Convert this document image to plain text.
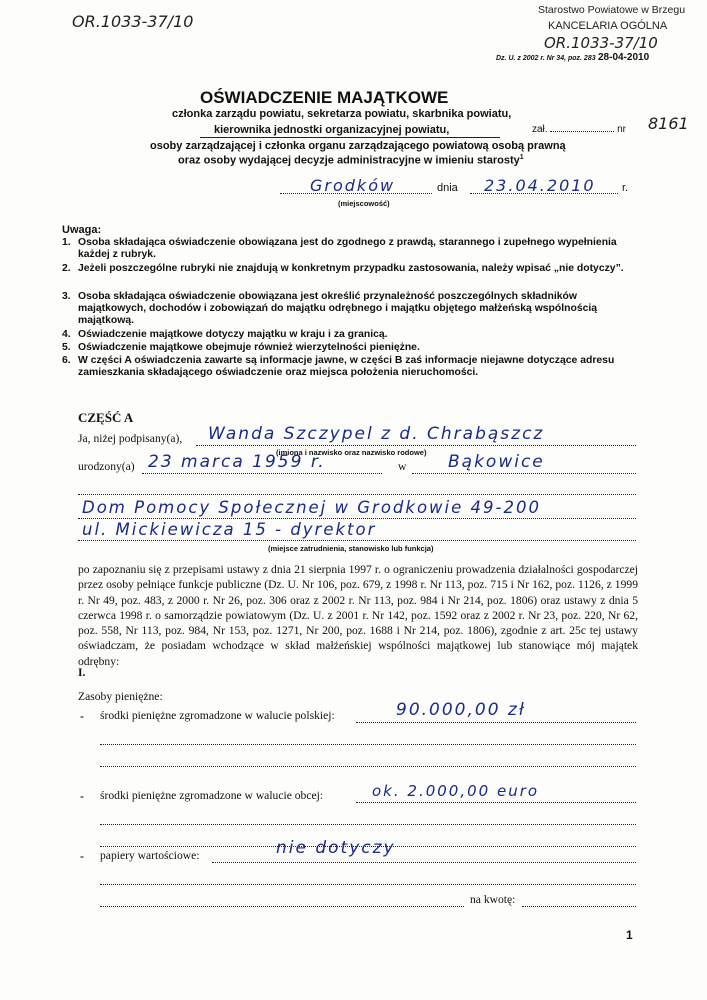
OR.1033-37/10
Starostwo Powiatowe w Brzegu
KANCELARIA OGÓLNA
OR.1033-37/10
Dz. U. z 2002 r. Nr 34, poz. 283 28-04-2010
OŚWIADCZENIE MAJĄTKOWE
członka zarządu powiatu, sekretarza powiatu, skarbnika powiatu,
kierownika jednostki organizacyjnej powiatu,	zał.	nr 8161
osoby zarządzającej i członka organu zarządzającego powiatową osobą prawną
oraz osoby wydającej decyzje administracyjne w imieniu starosty$^1$
Grodków
(miejscowość)
dnia 23.04.2010 r.
Uwaga:
1. Osoba składająca oświadczenie obowiązana jest do zgodnego z prawdą, starannego i zupełnego wypełnienia każdej z rubryk.
2. Jeżeli poszczególne rubryki nie znajdują w konkretnym przypadku zastosowania, należy wpisać „nie dotyczy”.
3. Osoba składająca oświadczenie obowiązana jest określić przynależność poszczególnych składników majątkowych, dochodów i zobowiązań do majątku odrębnego i majątku objętego małżeńską wspólnością majątkową.
4. Oświadczenie majątkowe dotyczy majątku w kraju i za granicą.
5. Oświadczenie majątkowe obejmuje również wierzytelności pieniężne.
6. W części A oświadczenia zawarte są informacje jawne, w części B zaś informacje niejawne dotyczące adresu zamieszkania składającego oświadczenie oraz miejsca położenia nieruchomości.
CZĘŚĆ A
Ja, niżej podpisany(a), Wanda Szczypel z d. Chrabąszcz
(imiona i nazwisko oraz nazwisko rodowe)
urodzony(a) 23 marca 1959 r.	w Bąkowice
Dom Pomocy Społecznej w Grodkowie 49-200
ul. Mickiewicza 15 - dyrektor
(miejsce zatrudnienia, stanowisko lub funkcja)
po zapoznaniu się z przepisami ustawy z dnia 21 sierpnia 1997 r. o ograniczeniu prowadzenia działalności gospodarczej przez osoby pełniące funkcje publiczne (Dz. U. Nr 106, poz. 679, z 1998 r. Nr 113, poz. 715 i Nr 162, poz. 1126, z 1999 r. Nr 49, poz. 483, z 2000 r. Nr 26, poz. 306 oraz z 2002 r. Nr 113, poz. 984 i Nr 214, poz. 1806) oraz ustawy z dnia 5 czerwca 1998 r. o samorządzie powiatowym (Dz. U. z 2001 r. Nr 142, poz. 1592 oraz z 2002 r. Nr 23, poz. 220, Nr 62, poz. 558, Nr 113, poz. 984, Nr 153, poz. 1271, Nr 200, poz. 1688 i Nr 214, poz. 1806), zgodnie z art. 25c tej ustawy oświadczam, że posiadam wchodzące w skład małżeńskiej wspólności majątkowej lub stanowiące mój majątek odrębny:
I.
Zasoby pieniężne:
- środki pieniężne zgromadzone w walucie polskiej:	90.000,00 zł
- środki pieniężne zgromadzone w walucie obcej:	ok. 2.000,00 euro
- papiery wartościowe:	nie dotyczy
na kwotę:
1
